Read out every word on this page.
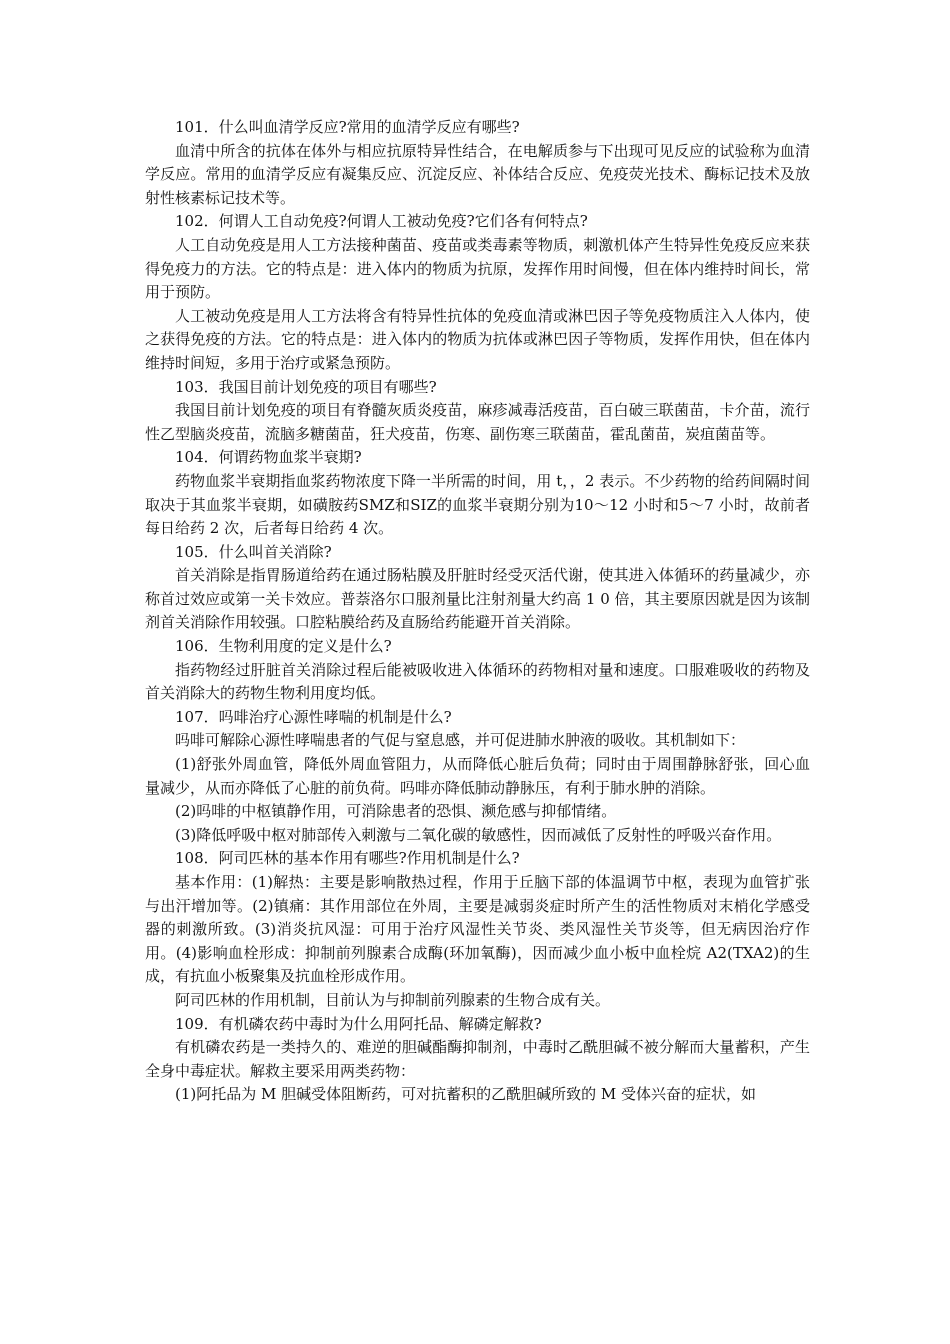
101．什么叫血清学反应?常用的血清学反应有哪些?

血清中所含的抗体在体外与相应抗原特异性结合，在电解质参与下出现可见反应的试验称为血清学反应。常用的血清学反应有凝集反应、沉淀反应、补体结合反应、免疫荧光技术、酶标记技术及放射性核素标记技术等。

102．何谓人工自动免疫?何谓人工被动免疫?它们各有何特点?

人工自动免疫是用人工方法接种菌苗、疫苗或类毒素等物质，刺激机体产生特异性免疫反应来获得免疫力的方法。它的特点是：进入体内的物质为抗原，发挥作用时间慢，但在体内维持时间长，常用于预防。

人工被动免疫是用人工方法将含有特异性抗体的免疫血清或淋巴因子等免疫物质注入人体内，使之获得免疫的方法。它的特点是：进入体内的物质为抗体或淋巴因子等物质，发挥作用快，但在体内维持时间短，多用于治疗或紧急预防。

103．我国目前计划免疫的项目有哪些?

我国目前计划免疫的项目有脊髓灰质炎疫苗，麻疹减毒活疫苗，百白破三联菌苗，卡介苗，流行性乙型脑炎疫苗，流脑多糖菌苗，狂犬疫苗，伤寒、副伤寒三联菌苗，霍乱菌苗，炭疽菌苗等。

104．何谓药物血浆半衰期?

药物血浆半衰期指血浆药物浓度下降一半所需的时间，用 t，，2 表示。不少药物的给药间隔时间取决于其血浆半衰期，如磺胺药SMZ和SIZ的血浆半衰期分别为10～12 小时和5～7 小时，故前者每日给药 2 次，后者每日给药 4 次。

105．什么叫首关消除?

首关消除是指胃肠道给药在通过肠粘膜及肝脏时经受灭活代谢，使其进入体循环的药量减少，亦称首过效应或第一关卡效应。普萘洛尔口服剂量比注射剂量大约高 1 0 倍，其主要原因就是因为该制剂首关消除作用较强。口腔粘膜给药及直肠给药能避开首关消除。

106．生物利用度的定义是什么?

指药物经过肝脏首关消除过程后能被吸收进入体循环的药物相对量和速度。口服难吸收的药物及首关消除大的药物生物利用度均低。

107．吗啡治疗心源性哮喘的机制是什么?

吗啡可解除心源性哮喘患者的气促与窒息感，并可促进肺水肿液的吸收。其机制如下：

(1)舒张外周血管，降低外周血管阻力，从而降低心脏后负荷；同时由于周围静脉舒张，回心血量减少，从而亦降低了心脏的前负荷。吗啡亦降低肺动静脉压，有利于肺水肿的消除。

(2)吗啡的中枢镇静作用，可消除患者的恐惧、濒危感与抑郁情绪。

(3)降低呼吸中枢对肺部传入刺激与二氧化碳的敏感性，因而减低了反射性的呼吸兴奋作用。

108．阿司匹林的基本作用有哪些?作用机制是什么?

基本作用：(1)解热：主要是影响散热过程，作用于丘脑下部的体温调节中枢，表现为血管扩张与出汗增加等。(2)镇痛：其作用部位在外周，主要是减弱炎症时所产生的活性物质对末梢化学感受器的刺激所致。(3)消炎抗风湿：可用于治疗风湿性关节炎、类风湿性关节炎等，但无病因治疗作用。(4)影响血栓形成：抑制前列腺素合成酶(环加氧酶)，因而减少血小板中血栓烷 A2(TXA2)的生成，有抗血小板聚集及抗血栓形成作用。

阿司匹林的作用机制，目前认为与抑制前列腺素的生物合成有关。

109．有机磷农药中毒时为什么用阿托品、解磷定解救?

有机磷农药是一类持久的、难逆的胆碱酯酶抑制剂，中毒时乙酰胆碱不被分解而大量蓄积，产生全身中毒症状。解救主要采用两类药物：

(1)阿托品为 M 胆碱受体阻断药，可对抗蓄积的乙酰胆碱所致的 M 受体兴奋的症状，如
